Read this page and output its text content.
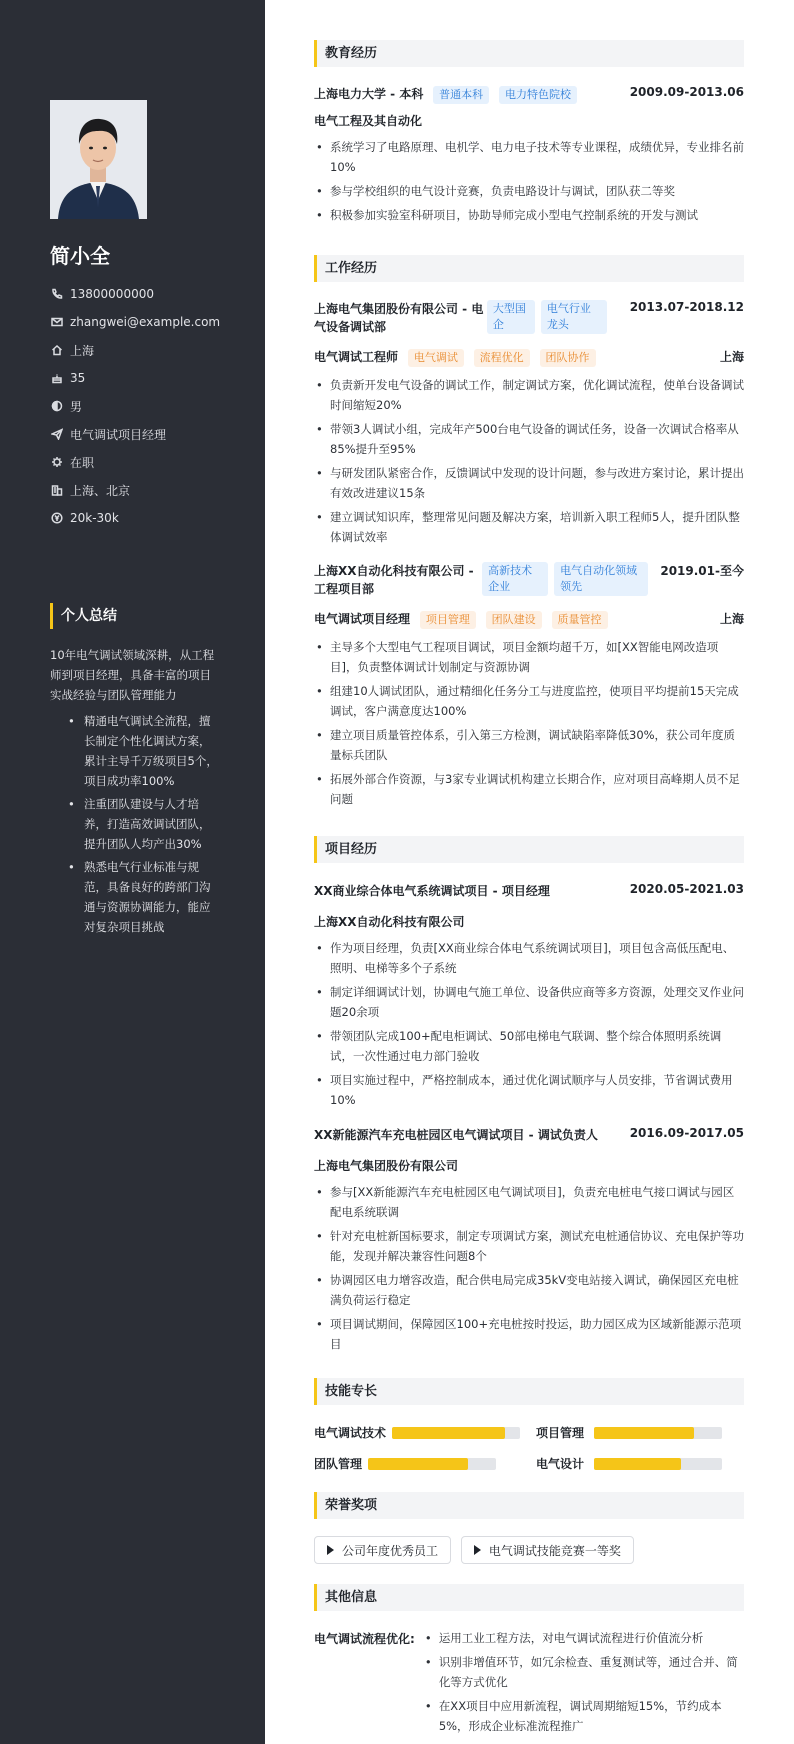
简小全
13800000000
zhangwei@example.com
上海
35
男
电气调试项目经理
在职
上海、北京
20k-30k
个人总结
10年电气调试领域深耕，从工程师到项目经理，具备丰富的项目实战经验与团队管理能力
• 精通电气调试全流程，擅长制定个性化调试方案，累计主导千万级项目5个，项目成功率100%
• 注重团队建设与人才培养，打造高效调试团队，提升团队人均产出30%
• 熟悉电气行业标准与规范，具备良好的跨部门沟通与资源协调能力，能应对复杂项目挑战
教育经历
上海电力大学 - 本科 普通本科 电力特色院校	2009.09-2013.06
电气工程及其自动化
• 系统学习了电路原理、电机学、电力电子技术等专业课程，成绩优异，专业排名前10%
• 参与学校组织的电气设计竞赛，负责电路设计与调试，团队获二等奖
• 积极参加实验室科研项目，协助导师完成小型电气控制系统的开发与测试
工作经历
上海电气集团股份有限公司 - 电气设备调试部
大型国企
电气行业龙头
2013.07-2018.12
电气调试工程师 电气调试 流程优化 团队协作	上海
• 负责新开发电气设备的调试工作，制定调试方案，优化调试流程，使单台设备调试时间缩短20%
• 带领3人调试小组，完成年产500台电气设备的调试任务，设备一次调试合格率从85%提升至95%
• 与研发团队紧密合作，反馈调试中发现的设计问题，参与改进方案讨论，累计提出有效改进建议15条
• 建立调试知识库，整理常见问题及解决方案，培训新入职工程师5人，提升团队整体调试效率
上海XX自动化科技有限公司 - 工程项目部
高新技术企业
电气自动化领域领先
2019.01-至今
电气调试项目经理 项目管理 团队建设 质量管控	上海
• 主导多个大型电气工程项目调试，项目金额均超千万，如[XX智能电网改造项目]，负责整体调试计划制定与资源协调
• 组建10人调试团队，通过精细化任务分工与进度监控，使项目平均提前15天完成调试，客户满意度达100%
• 建立项目质量管控体系，引入第三方检测，调试缺陷率降低30%，获公司年度质量标兵团队
• 拓展外部合作资源，与3家专业调试机构建立长期合作，应对项目高峰期人员不足问题
项目经历
XX商业综合体电气系统调试项目 - 项目经理	2020.05-2021.03
上海XX自动化科技有限公司
• 作为项目经理，负责[XX商业综合体电气系统调试项目]，项目包含高低压配电、照明、电梯等多个子系统
• 制定详细调试计划，协调电气施工单位、设备供应商等多方资源，处理交叉作业问题20余项
• 带领团队完成100+配电柜调试、50部电梯电气联调、整个综合体照明系统调试，一次性通过电力部门验收
• 项目实施过程中，严格控制成本，通过优化调试顺序与人员安排，节省调试费用10%
XX新能源汽车充电桩园区电气调试项目 - 调试负责人	2016.09-2017.05
上海电气集团股份有限公司
• 参与[XX新能源汽车充电桩园区电气调试项目]，负责充电桩电气接口调试与园区配电系统联调
• 针对充电桩新国标要求，制定专项调试方案，测试充电桩通信协议、充电保护等功能，发现并解决兼容性问题8个
• 协调园区电力增容改造，配合供电局完成35kV变电站接入调试，确保园区充电桩满负荷运行稳定
• 项目调试期间，保障园区100+充电桩按时投运，助力园区成为区域新能源示范项目
技能专长
电气调试技术	项目管理
团队管理	电气设计
荣誉奖项
公司年度优秀员工
	电气调试技能竞赛一等奖
其他信息
电气调试流程优化:
•	运用工业工程方法，对电气调试流程进行价值流分析
• 识别非增值环节，如冗余检查、重复测试等，通过合并、简化等方式优化
• 在XX项目中应用新流程，调试周期缩短15%，节约成本5%，形成企业标准流程推广
